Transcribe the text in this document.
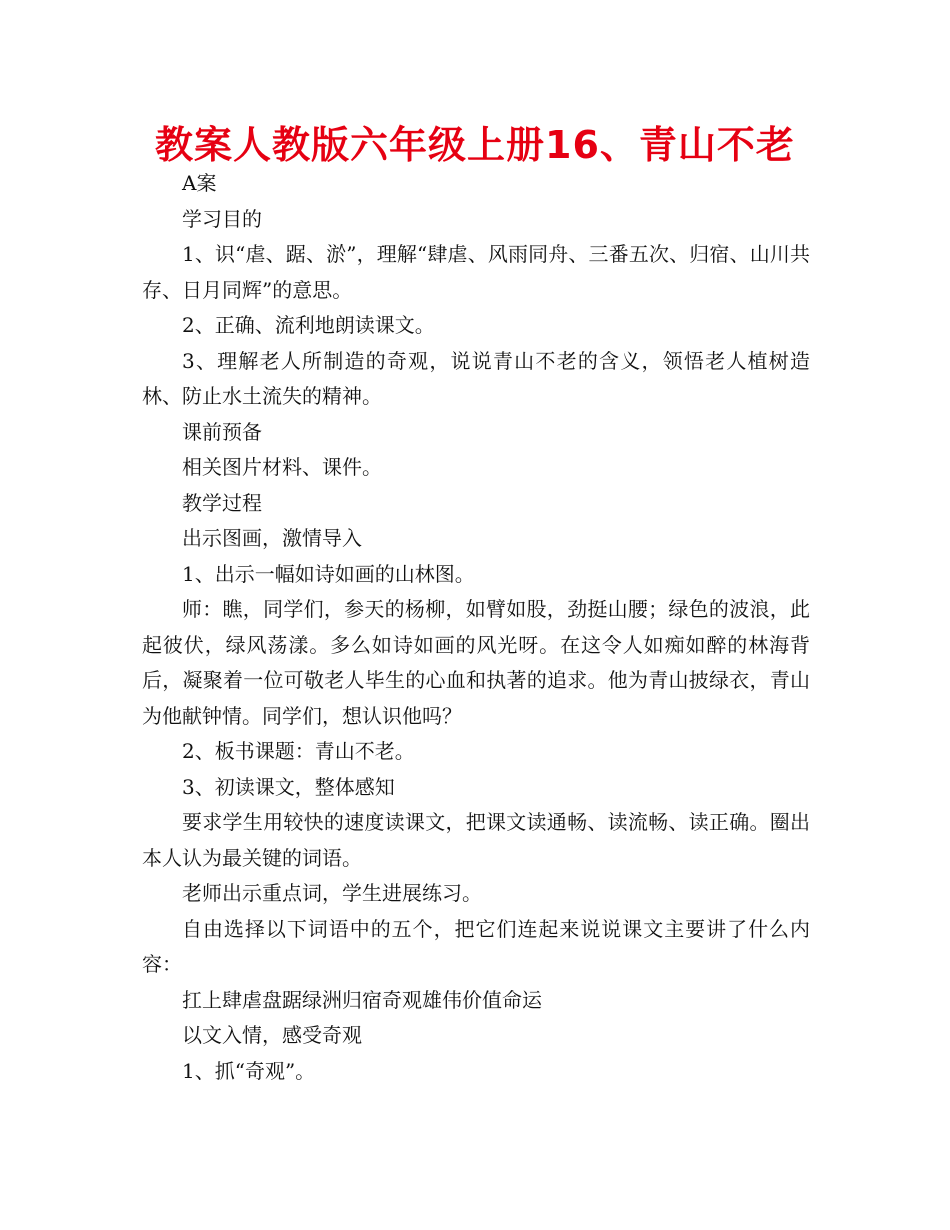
教案人教版六年级上册16、青山不老

A案

学习目的

1、识“虐、踞、淤”，理解“肆虐、风雨同舟、三番五次、归宿、山川共存、日月同辉”的意思。

2、正确、流利地朗读课文。

3、理解老人所制造的奇观，说说青山不老的含义，领悟老人植树造林、防止水土流失的精神。

课前预备

相关图片材料、课件。

教学过程

出示图画，激情导入

1、出示一幅如诗如画的山林图。

师：瞧，同学们，参天的杨柳，如臂如股，劲挺山腰；绿色的波浪，此起彼伏，绿风荡漾。多么如诗如画的风光呀。在这令人如痴如醉的林海背后，凝聚着一位可敬老人毕生的心血和执著的追求。他为青山披绿衣，青山为他献钟情。同学们，想认识他吗？

2、板书课题：青山不老。

3、初读课文，整体感知

要求学生用较快的速度读课文，把课文读通畅、读流畅、读正确。圈出本人认为最关键的词语。

老师出示重点词，学生进展练习。

自由选择以下词语中的五个，把它们连起来说说课文主要讲了什么内容：

扛上肆虐盘踞绿洲归宿奇观雄伟价值命运

以文入情，感受奇观

1、抓“奇观”。
